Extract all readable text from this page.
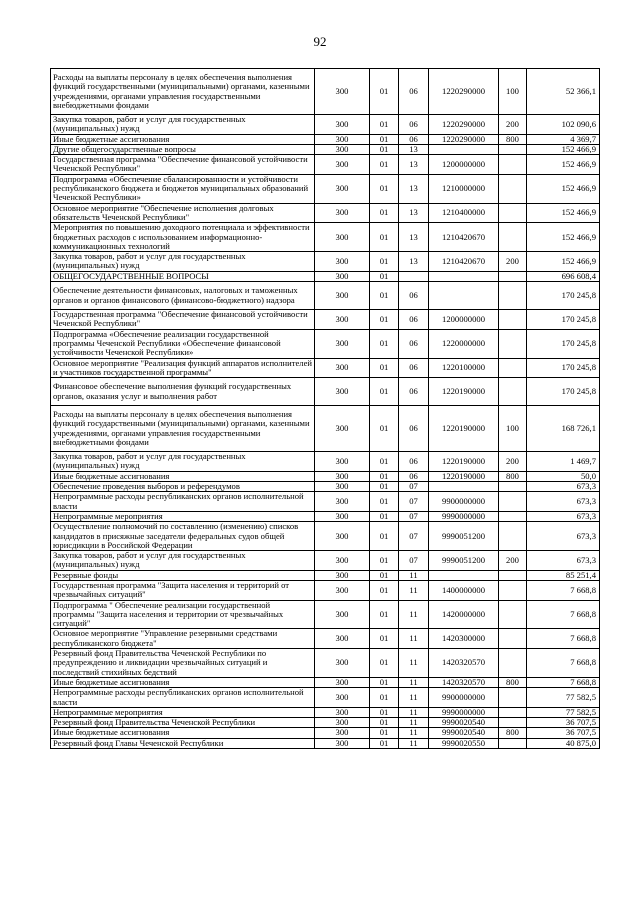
92
Расходы на выплаты персоналу в целях обеспечения выполнения функций государственными (муниципальными) органами, казенными учреждениями, органами управления государственными внебюджетными фондами	300	01	06	1220290000	100	52 366,1
Закупка товаров, работ и услуг для государственных (муниципальных) нужд	300	01	06	1220290000	200	102 090,6
Иные бюджетные ассигнования	300	01	06	1220290000	800	4 369,7
Другие общегосударственные вопросы	300	01	13			152 466,9
Государственная программа "Обеспечение финансовой устойчивости Чеченской Республики"	300	01	13	1200000000		152 466,9
Подпрограмма «Обеспечение сбалансированности и устойчивости республиканского бюджета и бюджетов муниципальных образований Чеченской Республики»	300	01	13	1210000000		152 466,9
Основное мероприятие "Обеспечение исполнения долговых обязательств Чеченской Республики"	300	01	13	1210400000		152 466,9
Мероприятия по повышению доходного потенциала и эффективности бюджетных расходов с использованием информационно-коммуникационных технологий	300	01	13	1210420670		152 466,9
Закупка товаров, работ и услуг для государственных (муниципальных) нужд	300	01	13	1210420670	200	152 466,9
ОБЩЕГОСУДАРСТВЕННЫЕ ВОПРОСЫ	300	01				696 608,4
Обеспечение деятельности финансовых, налоговых и таможенных органов и органов финансового (финансово-бюджетного) надзора	300	01	06			170 245,8
Государственная программа "Обеспечение финансовой устойчивости Чеченской Республики"	300	01	06	1200000000		170 245,8
Подпрограмма «Обеспечение реализации государственной программы Чеченской Республики «Обеспечение финансовой устойчивости Чеченской Республики»	300	01	06	1220000000		170 245,8
Основное мероприятие "Реализация функций аппаратов исполнителей и участников государственной программы"	300	01	06	1220100000		170 245,8
Финансовое обеспечение выполнения функций государственных органов, оказания услуг и выполнения работ	300	01	06	1220190000		170 245,8
Расходы на выплаты персоналу в целях обеспечения выполнения функций государственными (муниципальными) органами, казенными учреждениями, органами управления государственными внебюджетными фондами	300	01	06	1220190000	100	168 726,1
Закупка товаров, работ и услуг для государственных (муниципальных) нужд	300	01	06	1220190000	200	1 469,7
Иные бюджетные ассигнования	300	01	06	1220190000	800	50,0
Обеспечение проведения выборов и референдумов	300	01	07			673,3
Непрограммные расходы республиканских органов исполнительной власти	300	01	07	9900000000		673,3
Непрограммные мероприятия	300	01	07	9990000000		673,3
Осуществление полномочий по составлению (изменению) списков кандидатов в присяжные заседатели федеральных судов общей юрисдикции в Российской Федерации	300	01	07	9990051200		673,3
Закупка товаров, работ и услуг для государственных (муниципальных) нужд	300	01	07	9990051200	200	673,3
Резервные фонды	300	01	11			85 251,4
Государственная программа "Защита населения и территорий от чрезвычайных ситуаций"	300	01	11	1400000000		7 668,8
Подпрограмма " Обеспечение реализации государственной программы "Защита населения и территории от чрезвычайных ситуаций"	300	01	11	1420000000		7 668,8
Основное мероприятие "Управление резервными средствами республиканского бюджета"	300	01	11	1420300000		7 668,8
Резервный фонд Правительства Чеченской Республики по предупреждению и ликвидации чрезвычайных ситуаций и последствий стихийных бедствий	300	01	11	1420320570		7 668,8
Иные бюджетные ассигнования	300	01	11	1420320570	800	7 668,8
Непрограммные расходы республиканских органов исполнительной власти	300	01	11	9900000000		77 582,5
Непрограммные мероприятия	300	01	11	9990000000		77 582,5
Резервный фонд Правительства Чеченской Республики	300	01	11	9990020540		36 707,5
Иные бюджетные ассигнования	300	01	11	9990020540	800	36 707,5
Резервный фонд Главы Чеченской Республики	300	01	11	9990020550		40 875,0
